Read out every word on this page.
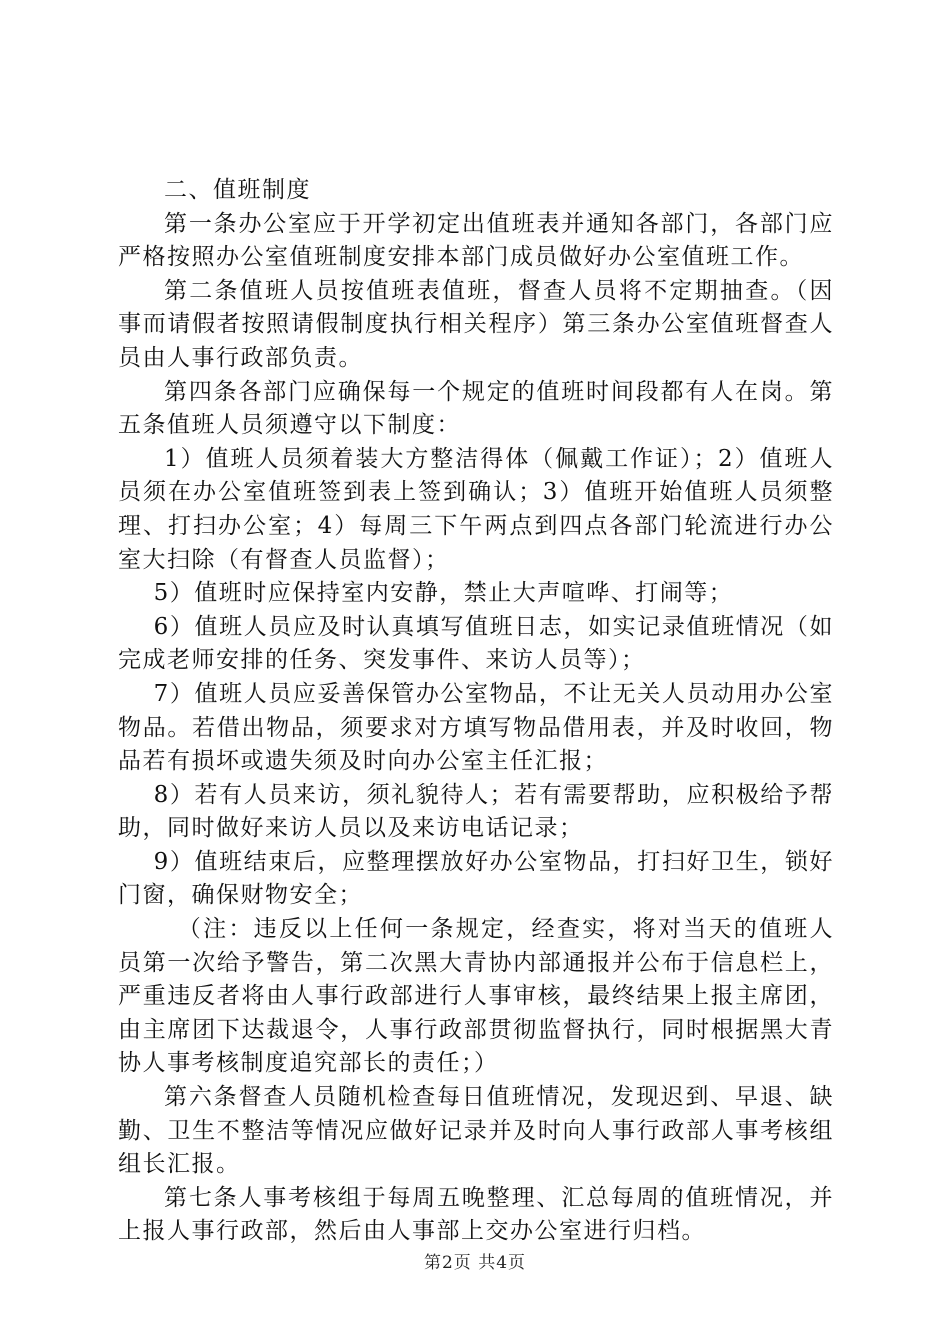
二、值班制度

第一条办公室应于开学初定出值班表并通知各部门，各部门应严格按照办公室值班制度安排本部门成员做好办公室值班工作。

第二条值班人员按值班表值班，督查人员将不定期抽查。（因事而请假者按照请假制度执行相关程序）第三条办公室值班督查人员由人事行政部负责。

第四条各部门应确保每一个规定的值班时间段都有人在岗。第五条值班人员须遵守以下制度：

1）值班人员须着装大方整洁得体（佩戴工作证）；2）值班人员须在办公室值班签到表上签到确认；3）值班开始值班人员须整理、打扫办公室；4）每周三下午两点到四点各部门轮流进行办公室大扫除（有督查人员监督）；

5）值班时应保持室内安静，禁止大声喧哗、打闹等；

6）值班人员应及时认真填写值班日志，如实记录值班情况（如完成老师安排的任务、突发事件、来访人员等）；

7）值班人员应妥善保管办公室物品，不让无关人员动用办公室物品。若借出物品，须要求对方填写物品借用表，并及时收回，物品若有损坏或遗失须及时向办公室主任汇报；

8）若有人员来访，须礼貌待人；若有需要帮助，应积极给予帮助，同时做好来访人员以及来访电话记录；

9）值班结束后，应整理摆放好办公室物品，打扫好卫生，锁好门窗，确保财物安全；

（注：违反以上任何一条规定，经查实，将对当天的值班人员第一次给予警告，第二次黑大青协内部通报并公布于信息栏上，严重违反者将由人事行政部进行人事审核，最终结果上报主席团，由主席团下达裁退令，人事行政部贯彻监督执行，同时根据黑大青协人事考核制度追究部长的责任；）

第六条督查人员随机检查每日值班情况，发现迟到、早退、缺勤、卫生不整洁等情况应做好记录并及时向人事行政部人事考核组组长汇报。

第七条人事考核组于每周五晚整理、汇总每周的值班情况，并上报人事行政部，然后由人事部上交办公室进行归档。

第2页 共4页
